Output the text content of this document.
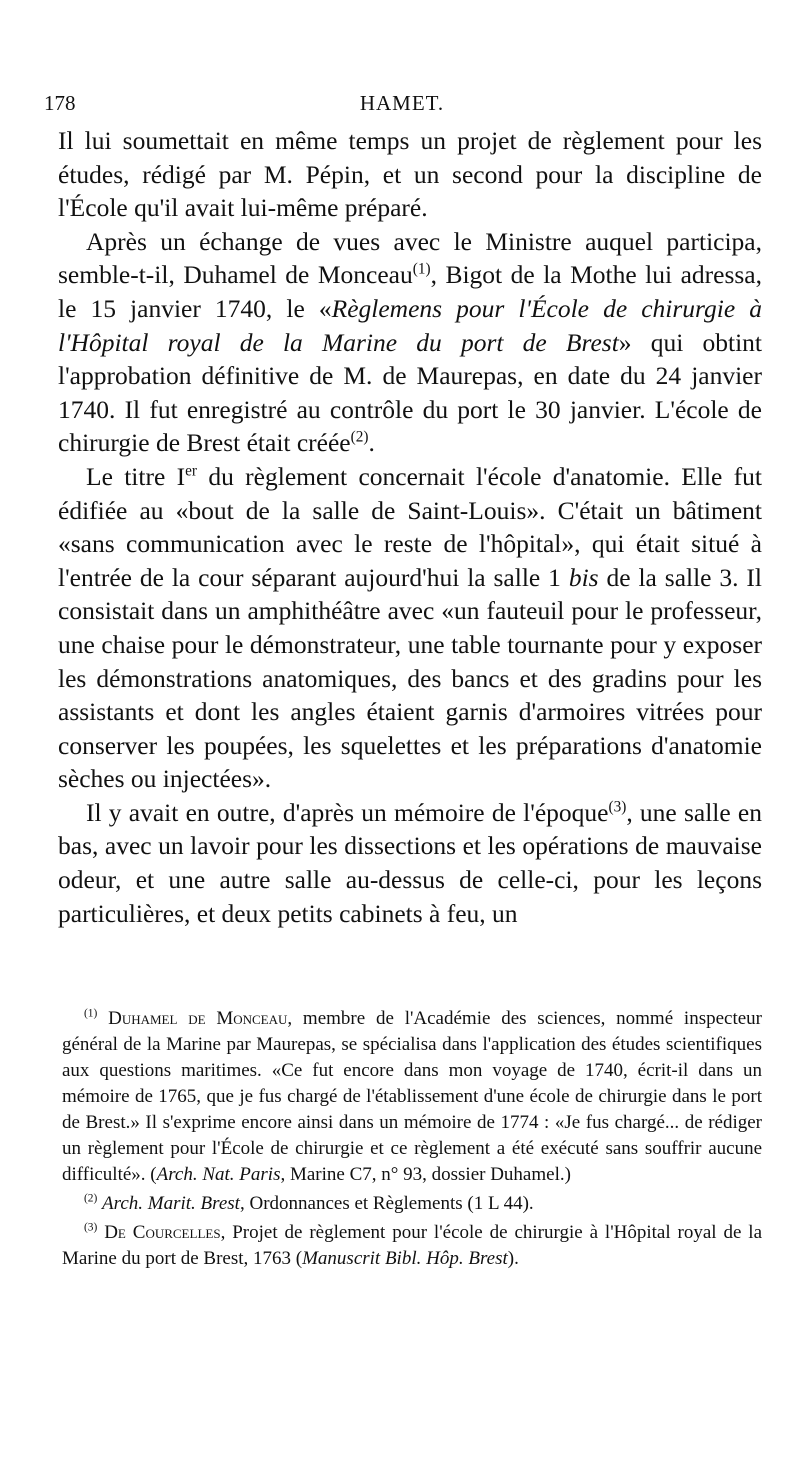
178	HAMET.

Il lui soumettait en même temps un projet de règlement pour les études, rédigé par M. Pépin, et un second pour la discipline de l'École qu'il avait lui-même préparé.

Après un échange de vues avec le Ministre auquel participa, semble-t-il, Duhamel de Monceau$^{(1)}$, Bigot de la Mothe lui adressa, le 15 janvier 1740, le «Règlemens pour l'École de chirurgie à l'Hôpital royal de la Marine du port de Brest» qui obtint l'approbation définitive de M. de Maurepas, en date du 24 janvier 1740. Il fut enregistré au contrôle du port le 30 janvier. L'école de chirurgie de Brest était créée$^{(2)}$.

Le titre Ier du règlement concernait l'école d'anatomie. Elle fut édifiée au «bout de la salle de Saint-Louis». C'était un bâtiment «sans communication avec le reste de l'hôpital», qui était situé à l'entrée de la cour séparant aujourd'hui la salle 1 bis de la salle 3. Il consistait dans un amphithéâtre avec «un fauteuil pour le professeur, une chaise pour le démonstrateur, une table tournante pour y exposer les démonstrations anatomiques, des bancs et des gradins pour les assistants et dont les angles étaient garnis d'armoires vitrées pour conserver les poupées, les squelettes et les préparations d'anatomie sèches ou injectées».

Il y avait en outre, d'après un mémoire de l'époque$^{(3)}$, une salle en bas, avec un lavoir pour les dissections et les opérations de mauvaise odeur, et une autre salle au-dessus de celle-ci, pour les leçons particulières, et deux petits cabinets à feu, un

$^{(1)}$ Duhamel de Monceau, membre de l'Académie des sciences, nommé inspecteur général de la Marine par Maurepas, se spécialisa dans l'application des études scientifiques aux questions maritimes. «Ce fut encore dans mon voyage de 1740, écrit-il dans un mémoire de 1765, que je fus chargé de l'établissement d'une école de chirurgie dans le port de Brest.» Il s'exprime encore ainsi dans un mémoire de 1774 : «Je fus chargé... de rédiger un règlement pour l'École de chirurgie et ce règlement a été exécuté sans souffrir aucune difficulté». (Arch. Nat. Paris, Marine C7, n° 93, dossier Duhamel.)

$^{(2)}$ Arch. Marit. Brest, Ordonnances et Règlements (1 L 44).

$^{(3)}$ De Courcelles, Projet de règlement pour l'école de chirurgie à l'Hôpital royal de la Marine du port de Brest, 1763 (Manuscrit Bibl. Hôp. Brest).
